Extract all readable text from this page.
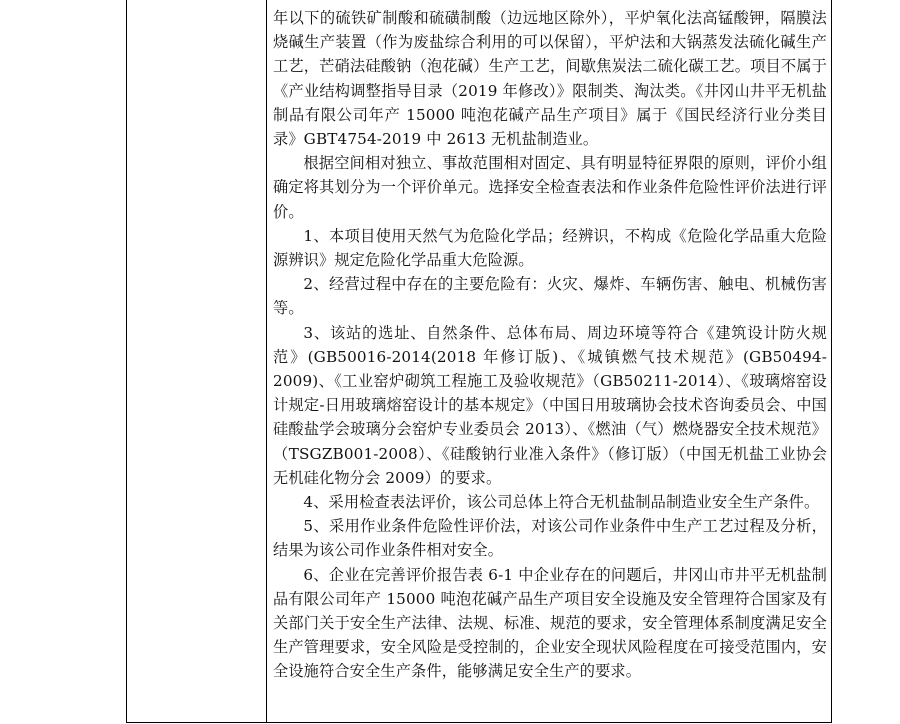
年以下的硫铁矿制酸和硫磺制酸（边远地区除外），平炉氧化法高锰酸钾，隔膜法烧碱生产装置（作为废盐综合利用的可以保留），平炉法和大锅蒸发法硫化碱生产工艺，芒硝法硅酸钠（泡花碱）生产工艺，间歇焦炭法二硫化碳工艺。项目不属于《产业结构调整指导目录（2019 年修改）》限制类、淘汰类。《井冈山井平无机盐制品有限公司年产 15000 吨泡花碱产品生产项目》属于《国民经济行业分类目录》GBT4754-2019 中 2613 无机盐制造业。

根据空间相对独立、事故范围相对固定、具有明显特征界限的原则，评价小组确定将其划分为一个评价单元。选择安全检查表法和作业条件危险性评价法进行评价。

1、本项目使用天然气为危险化学品；经辨识，不构成《危险化学品重大危险源辨识》规定危险化学品重大危险源。

2、经营过程中存在的主要危险有：火灾、爆炸、车辆伤害、触电、机械伤害等。

3、该站的选址、自然条件、总体布局、周边环境等符合《建筑设计防火规范》(GB50016-2014(2018 年修订版)、《城镇燃气技术规范》(GB50494-2009)、《工业窑炉砌筑工程施工及验收规范》（GB50211-2014）、《玻璃熔窑设计规定-日用玻璃熔窑设计的基本规定》（中国日用玻璃协会技术咨询委员会、中国硅酸盐学会玻璃分会窑炉专业委员会 2013）、《燃油（气）燃烧器安全技术规范》（TSGZB001-2008）、《硅酸钠行业准入条件》（修订版）（中国无机盐工业协会无机硅化物分会 2009）的要求。

4、采用检查表法评价，该公司总体上符合无机盐制品制造业安全生产条件。

5、采用作业条件危险性评价法，对该公司作业条件中生产工艺过程及分析，结果为该公司作业条件相对安全。

6、企业在完善评价报告表 6-1 中企业存在的问题后，井冈山市井平无机盐制品有限公司年产 15000 吨泡花碱产品生产项目安全设施及安全管理符合国家及有关部门关于安全生产法律、法规、标准、规范的要求，安全管理体系制度满足安全生产管理要求，安全风险是受控制的，企业安全现状风险程度在可接受范围内，安全设施符合安全生产条件，能够满足安全生产的要求。
